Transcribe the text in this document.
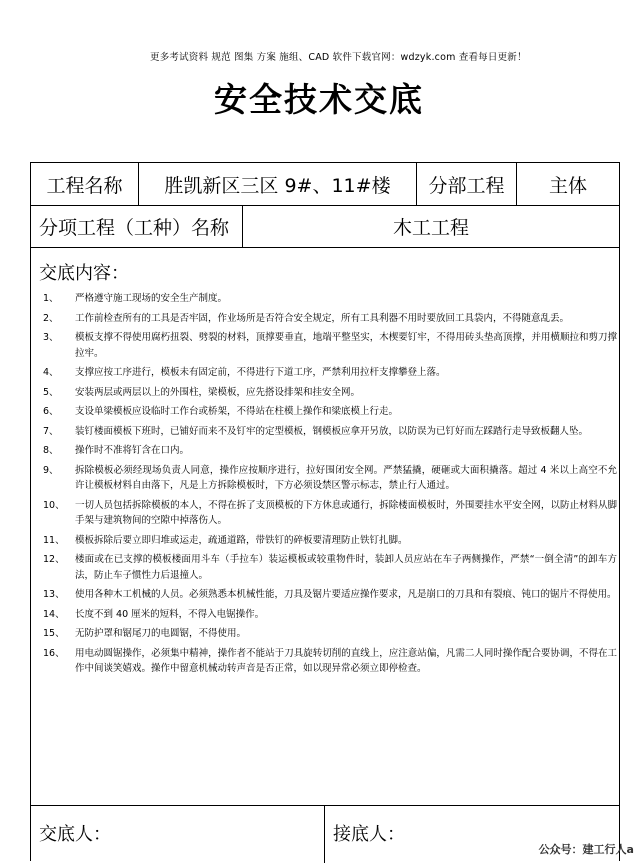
更多考试资料 规范 图集 方案 施组、CAD 软件下载官网：wdzyk.com 查看每日更新！
安全技术交底
工程名称	胜凯新区三区 9#、11#楼	分部工程	主体
分项工程（工种）名称	木工工程
交底内容：
1、	严格遵守施工现场的安全生产制度。
2、	工作前检查所有的工具是否牢固，作业场所是否符合安全规定，所有工具利器不用时要放回工具袋内，不得随意乱丢。
3、	模板支撑不得使用腐朽扭裂、劈裂的材料，顶撑要垂直，地端平整坚实，木楔要钉牢，不得用砖头垫高顶撑，并用横顺拉和剪刀撑拉牢。
4、	支撑应按工序进行，模板未有固定前，不得进行下道工序，严禁利用拉杆支撑攀登上落。
5、	安装两层或两层以上的外围柱，梁模板，应先搭设排架和挂安全网。
6、	支设单梁模板应设临时工作台或桥架，不得站在柱模上操作和梁底模上行走。
7、	装钉楼面模板下班时，已铺好而来不及钉牢的定型模板，钢模板应拿开另放，以防误为已钉好而左踩踏行走导致板翻人坠。
8、	操作时不准将钉含在口内。
9、	拆除模板必须经现场负责人同意，操作应按顺序进行，拉好围闭安全网。严禁猛撬，硬砸或大面积撬落。超过 4 米以上高空不允许让模板材料自由落下，凡是上方拆除模板时，下方必须设禁区警示标志，禁止行人通过。
10、	一切人员包括拆除模板的本人，不得在拆了支顶模板的下方休息或通行，拆除楼面模板时，外围要挂水平安全网，以防止材料从脚手架与建筑物间的空隙中掉落伤人。
11、	模板拆除后要立即归堆或运走，疏通道路，带铁钉的碎板要清理防止铁钉扎脚。
12、	楼面或在已支撑的模板楼面用斗车（手拉车）装运模板或较重物件时，装卸人员应站在车子两侧操作，严禁“一倒全清”的卸车方法，防止车子惯性力后退撞人。
13、	使用各种木工机械的人员。必须熟悉本机械性能，刀具及锯片要适应操作要求，凡是崩口的刀具和有裂痕、钝口的锯片不得使用。
14、	长度不到 40 厘米的短料，不得入电锯操作。
15、	无防护罩和锯尾刀的电圆锯，不得使用。
16、	用电动圆锯操作，必须集中精神，操作者不能站于刀具旋转切削的直线上，应注意站偏，凡需二人同时操作配合要协调，不得在工作中间谈笑嬉戏。操作中留意机械动转声音是否正常，如以现异常必须立即停检查。
交底人：	接底人：
公众号：建工行人a
